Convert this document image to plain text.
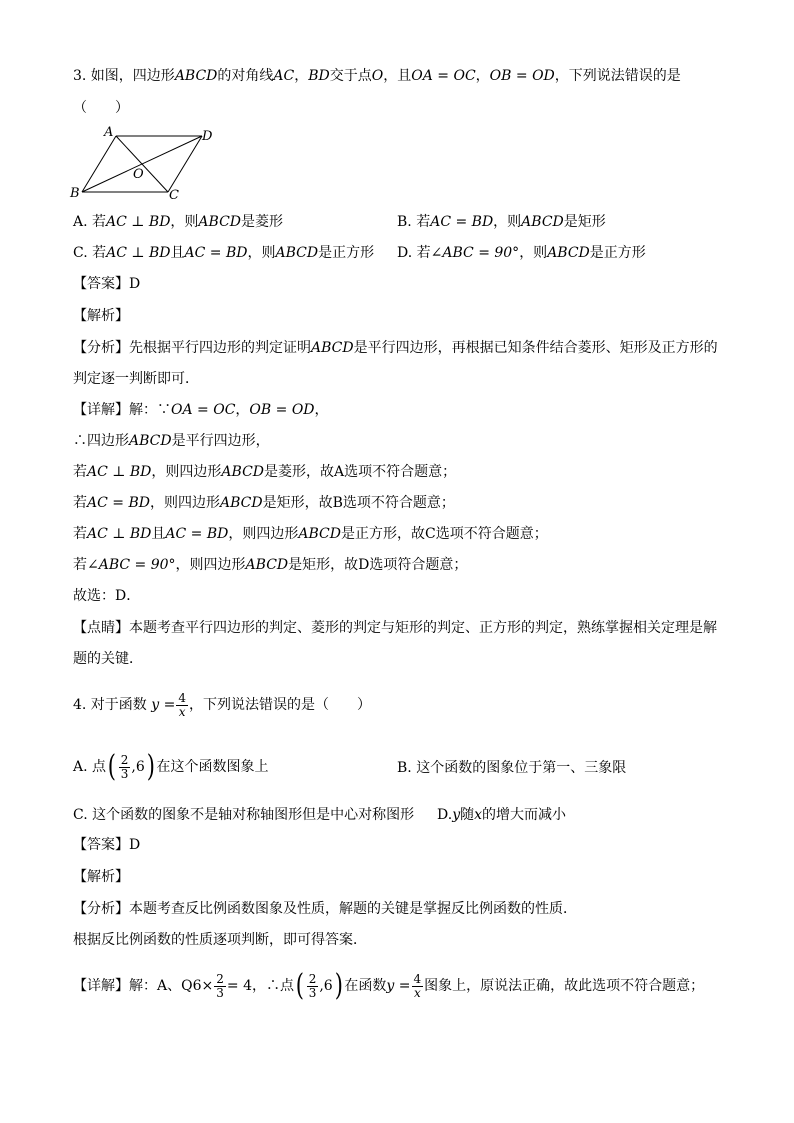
3. 如图，四边形ABCD的对角线AC，BD交于点O，且OA = OC，OB = OD，下列说法错误的是
（　　）
A	D
B	C
O
A. 若AC ⊥ BD，则ABCD是菱形	B. 若AC = BD，则ABCD是矩形
C. 若AC ⊥ BD且AC = BD，则ABCD是正方形 D. 若∠ABC = 90°，则ABCD是正方形
【答案】D
【解析】
【分析】先根据平行四边形的判定证明ABCD是平行四边形，再根据已知条件结合菱形、矩形及正方形的
判定逐一判断即可．
【详解】解：∵OA = OC，OB = OD，
∴四边形ABCD是平行四边形，
若AC ⊥ BD，则四边形ABCD是菱形，故A选项不符合题意；
若AC = BD，则四边形ABCD是矩形，故B选项不符合题意；
若AC ⊥ BD且AC = BD，则四边形ABCD是正方形，故C选项不符合题意；
若∠ABC = 90°，则四边形ABCD是矩形，故D选项符合题意；
故选：D．
【点睛】本题考查平行四边形的判定、菱形的判定与矩形的判定、正方形的判定，熟练掌握相关定理是解
题的关键．
4. 对于函数 $y = \frac{4}{x}$ ，下列说法错误的是（　　）
A. 点( $\frac{2}{3} ,6$) 在这个函数图象上	B. 这个函数的图象位于第一、三象限
C. 这个函数的图象不是轴对称轴图形但是中心对称图形 D.y随x的增大而减小
【答案】D
【解析】
【分析】本题考查反比例函数图象及性质，解题的关键是掌握反比例函数的性质．
根据反比例函数的性质逐项判断，即可得答案．
【详解】解：A、$Q6\times \frac{2}{3} = 4$，∴点( $\frac{2}{3} ,6$) 在函数$y = \frac{4}{x}$ 图象上，原说法正确，故此选项不符合题意；
